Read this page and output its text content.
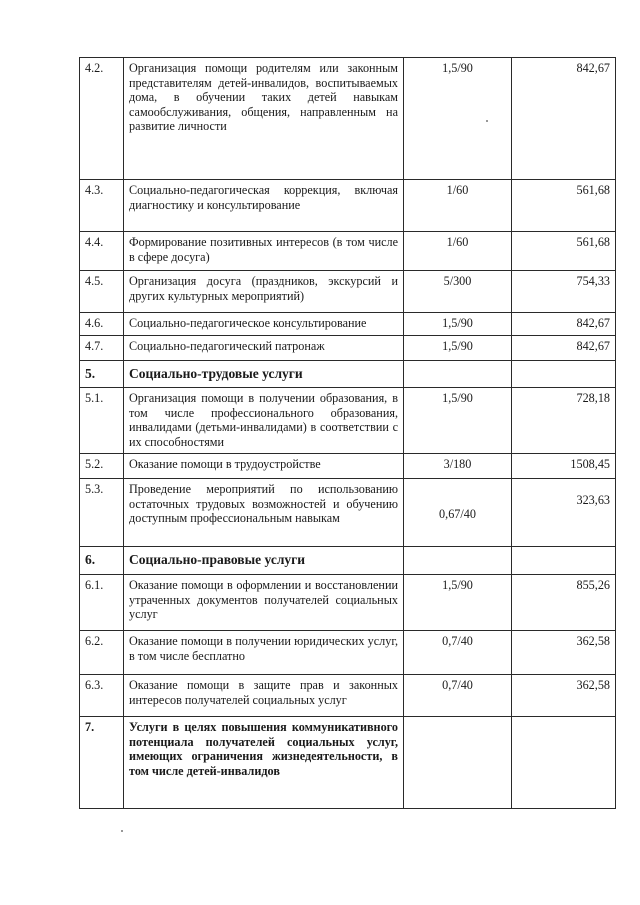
4.2.	Организация помощи родителям или законным представителям детей-инвалидов, воспитываемых дома, в обучении таких детей навыкам самообслуживания, общения, направленным на развитие личности	1,5/90	842,67
4.3.	Социально-педагогическая коррекция, включая диагностику и консультирование	1/60	561,68
4.4.	Формирование позитивных интересов (в том числе в сфере досуга)	1/60	561,68
4.5.	Организация досуга (праздников, экскурсий и других культурных мероприятий)	5/300	754,33
4.6.	Социально-педагогическое консультирование	1,5/90	842,67
4.7.	Социально-педагогический патронаж	1,5/90	842,67
5.	Социально-трудовые услуги		
5.1.	Организация помощи в получении образования, в том числе профессионального образования, инвалидами (детьми-инвалидами) в соответствии с их способностями	1,5/90	728,18
5.2.	Оказание помощи в трудоустройстве	3/180	1508,45
5.3.	Проведение мероприятий по использованию остаточных трудовых возможностей и обучению доступным профессиональным навыкам	0,67/40	323,63
6.	Социально-правовые услуги		
6.1.	Оказание помощи в оформлении и восстановлении утраченных документов получателей социальных услуг	1,5/90	855,26
6.2.	Оказание помощи в получении юридических услуг, в том числе бесплатно	0,7/40	362,58
6.3.	Оказание помощи в защите прав и законных интересов получателей социальных услуг	0,7/40	362,58
7.	Услуги в целях повышения коммуникативного потенциала получателей социальных услуг, имеющих ограничения жизнедеятельности, в том числе детей-инвалидов		
